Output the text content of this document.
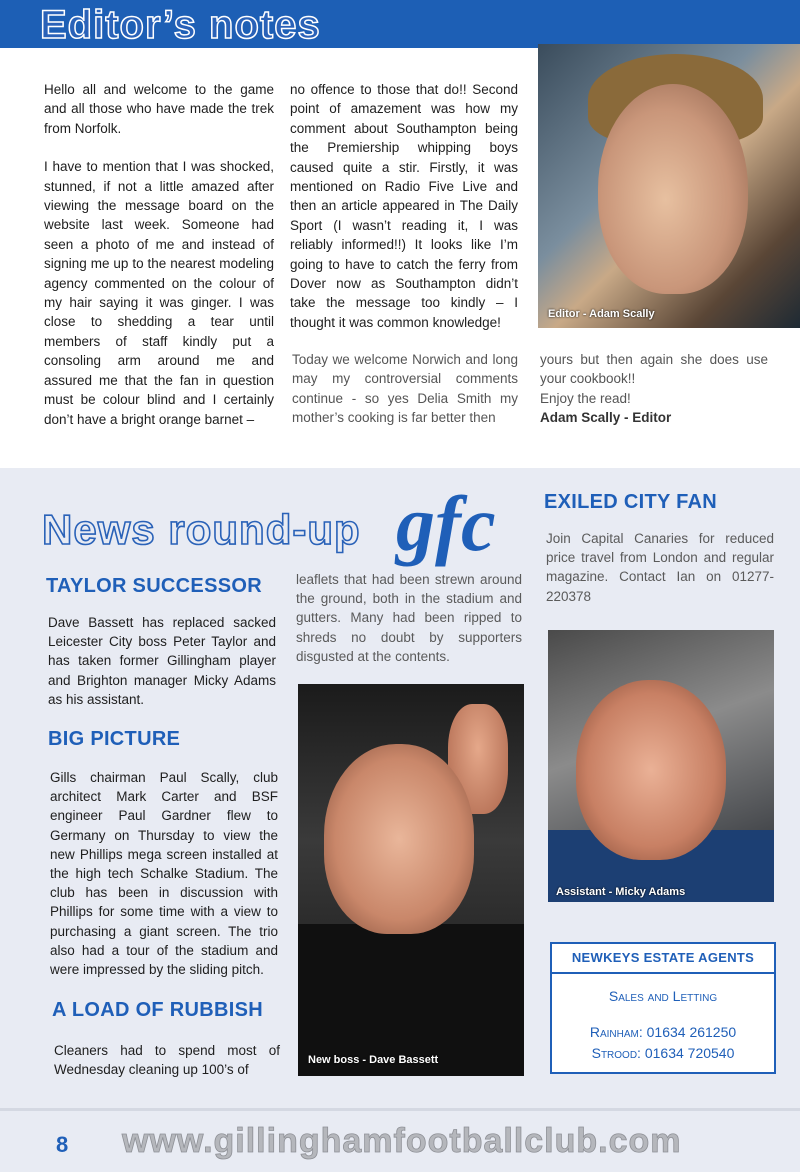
Editor’s notes

Hello all and welcome to the game and all those who have made the trek from Norfolk.

I have to mention that I was shocked, stunned, if not a little amazed after viewing the message board on the website last week. Someone had seen a photo of me and instead of signing me up to the nearest modeling agency commented on the colour of my hair saying it was ginger. I was close to shedding a tear until members of staff kindly put a consoling arm around me and assured me that the fan in question must be colour blind and I certainly don’t have a bright orange barnet –

no offence to those that do!! Second point of amazement was how my comment about Southampton being the Premiership whipping boys caused quite a stir. Firstly, it was mentioned on Radio Five Live and then an article appeared in The Daily Sport (I wasn’t reading it, I was reliably informed!!) It looks like I’m going to have to catch the ferry from Dover now as Southampton didn’t take the message too kindly – I thought it was common knowledge!

Today we welcome Norwich and long may my controversial comments continue - so yes Delia Smith my mother’s cooking is far better then

yours but then again she does use your cookbook!!
Enjoy the read!
Adam Scally - Editor
Editor - Adam Scally
News round-up gfc
TAYLOR SUCCESSOR
Dave Bassett has replaced sacked Leicester City boss Peter Taylor and has taken former Gillingham player and Brighton manager Micky Adams as his assistant.
BIG PICTURE
Gills chairman Paul Scally, club architect Mark Carter and BSF engineer Paul Gardner flew to Germany on Thursday to view the new Phillips mega screen installed at the high tech Schalke Stadium. The club has been in discussion with Phillips for some time with a view to purchasing a giant screen. The trio also had a tour of the stadium and were impressed by the sliding pitch.
A LOAD OF RUBBISH
Cleaners had to spend most of Wednesday cleaning up 100’s of
leaflets that had been strewn around the ground, both in the stadium and gutters. Many had been ripped to shreds no doubt by supporters disgusted at the contents.
New boss - Dave Bassett
EXILED CITY FAN
Join Capital Canaries for reduced price travel from London and regular magazine. Contact Ian on 01277-220378
Assistant - Micky Adams
NEWKEYS ESTATE AGENTS
Sales and Letting
Rainham: 01634 261250
Strood: 01634 720540
8 www.gillinghamfootballclub.com
